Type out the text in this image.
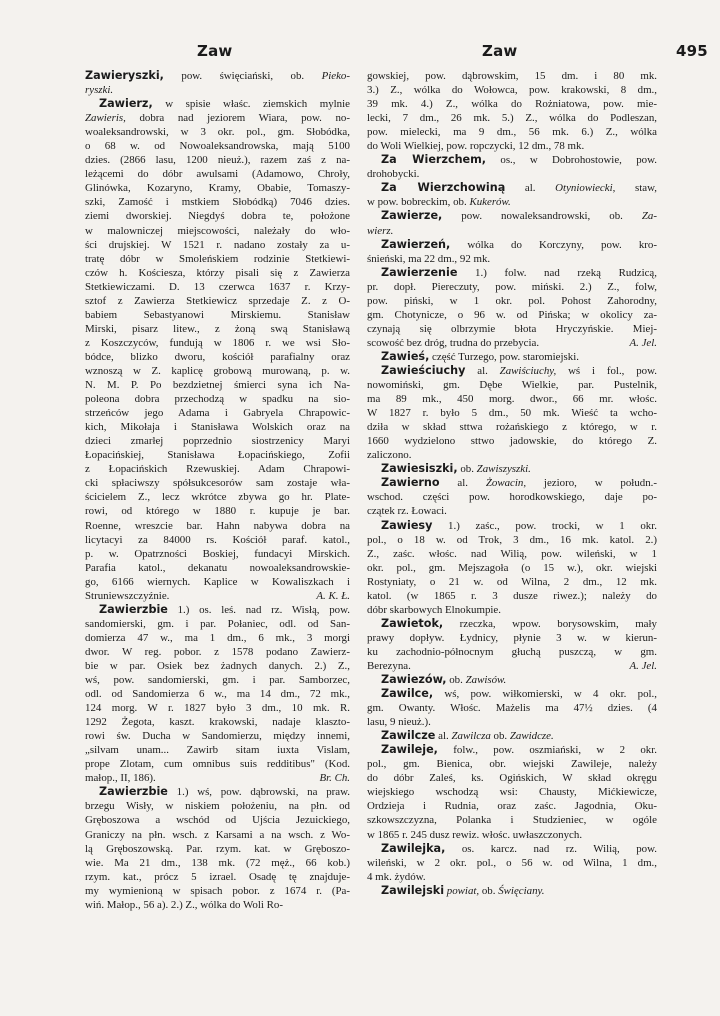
Zaw	Zaw	495
Zawieryszki, pow. święciański, ob. Pieko-
ryszki.
Zawierz, w spisie właśc. ziemskich mylnie
Zawieris, dobra nad jeziorem Wiara, pow. no-
woaleksandrowski, w 3 okr. pol., gm. Słobódka,
o 68 w. od Nowoaleksandrowska, mają 5100
dzies. (2866 lasu, 1200 nieuż.), razem zaś z na-
leżącemi do dóbr awulsami (Adamowo, Chroły,
Glinówka, Kozaryno, Kramy, Obabie, Tomaszy-
szki, Zamość i mstkiem Słobódką) 7046 dzies.
ziemi dworskiej. Niegdyś dobra te, położone
w malowniczej miejscowości, należały do wło-
ści drujskiej. W 1521 r. nadano zostały za u-
tratę dóbr w Smoleńskiem rodzinie Stetkiewi-
czów h. Kościesza, którzy pisali się z Zawierza
Stetkiewiczami. D. 13 czerwca 1637 r. Krzy-
sztof z Zawierza Stetkiewicz sprzedaje Z. z O-
babiem Sebastyanowi Mirskiemu. Stanisław
Mirski, pisarz litew., z żoną swą Stanisławą
z Koszczyców, fundują w 1806 r. we wsi Sło-
bódce, blizko dworu, kościół parafialny oraz
wznoszą w Z. kaplicę grobową murowaną, p. w.
N. M. P. Po bezdzietnej śmierci syna ich Na-
poleona dobra przechodzą w spadku na sio-
strzeńców jego Adama i Gabryela Chrapowic-
kich, Mikołaja i Stanisława Wolskich oraz na
dzieci zmarłej poprzednio siostrzenicy Maryi
Łopacińskiej, Stanisława Łopacińskiego, Zofii
z Łopacińskich Rzewuskiej. Adam Chrapowi-
cki spłaciwszy spółsukcesorów sam zostaje wła-
ścicielem Z., lecz wkrótce zbywa go hr. Plate-
rowi, od którego w 1880 r. kupuje je bar.
Roenne, wreszcie bar. Hahn nabywa dobra na
licytacyi za 84000 rs. Kościół paraf. katol.,
p. w. Opatrzności Boskiej, fundacyi Mirskich.
Parafia katol., dekanatu nowoaleksandrowskie-
go, 6166 wiernych. Kaplice w Kowaliszkach i
Struniewszczyźnie.	A. K. Ł.
Zawierzbie 1.) os. leś. nad rz. Wisłą, pow.
sandomierski, gm. i par. Połaniec, odl. od San-
domierza 47 w., ma 1 dm., 6 mk., 3 morgi
dwor. W reg. pobor. z 1578 podano Zawierz-
bie w par. Osiek bez żadnych danych. 2.) Z.,
wś, pow. sandomierski, gm. i par. Samborzec,
odl. od Sandomierza 6 w., ma 14 dm., 72 mk.,
124 morg. W r. 1827 było 3 dm., 10 mk. R.
1292 Żegota, kaszt. krakowski, nadaje klaszto-
rowi św. Ducha w Sandomierzu, między innemi,
„silvam unam... Zawirb sitam iuxta Vislam,
prope Zlotam, cum omnibus suis redditibus" (Kod.
małop., II, 186).	Br. Ch.
Zawierzbie 1.) wś, pow. dąbrowski, na praw.
brzegu Wisły, w niskiem położeniu, na płn. od
Gręboszowa a wschód od Ujścia Jezuickiego,
Graniczy na płn. wsch. z Karsami a na wsch. z Wo-
lą Gręboszowską. Par. rzym. kat. w Gręboszo-
wie. Ma 21 dm., 138 mk. (72 męż., 66 kob.)
rzym. kat., prócz 5 izrael. Osadę tę znajduje-
my wymienioną w spisach pobor. z 1674 r. (Pa-
wiń. Małop., 56 a). 2.) Z., wólka do Woli Ro-
gowskiej, pow. dąbrowskim, 15 dm. i 80 mk.
3.) Z., wólka do Wołowca, pow. krakowski, 8 dm.,
39 mk. 4.) Z., wólka do Rożniatowa, pow. mie-
lecki, 7 dm., 26 mk. 5.) Z., wólka do Podleszan,
pow. mielecki, ma 9 dm., 56 mk. 6.) Z., wólka
do Woli Wielkiej, pow. ropczycki, 12 dm., 78 mk.
Za Wierzchem, os., w Dobrohostowie, pow.
drohobycki.
Za Wierzchowiną al. Otyniowiecki, staw,
w pow. bobreckim, ob. Kukerów.
Zawierze, pow. nowaleksandrowski, ob. Za-
wierz.
Zawierzeń, wólka do Korczyny, pow. kro-
śnieński, ma 22 dm., 92 mk.
Zawierzenie 1.) folw. nad rzeką Rudzicą,
pr. dopł. Piereczuty, pow. miński. 2.) Z., folw,
pow. piński, w 1 okr. pol. Pohost Zahorodny,
gm. Chotynicze, o 96 w. od Pińska; w okolicy za-
czynają się olbrzymie błota Hryczyńskie. Miej-
scowość bez dróg, trudna do przebycia.	A. Jel.
Zawieś, część Turzego, pow. staromiejski.
Zawieściuchy al. Zawiściuchy, wś i fol., pow.
nowomiński, gm. Dębe Wielkie, par. Pustelnik,
ma 89 mk., 450 morg. dwor., 66 mr. włośc.
W 1827 r. było 5 dm., 50 mk. Wieść ta wcho-
dziła w skład sttwa rożańskiego z którego, w r.
1660 wydzielono sttwo jadowskie, do którego Z.
zaliczono.
Zawiesiszki, ob. Zawiszyszki.
Zawierno al. Żowacin, jezioro, w połudn.-
wschod. części pow. horodkowskiego, daje po-
czątek rz. Łowaci.
Zawiesy 1.) zaśc., pow. trocki, w 1 okr.
pol., o 18 w. od Trok, 3 dm., 16 mk. katol. 2.)
Z., zaśc. włośc. nad Wilią, pow. wileński, w 1
okr. pol., gm. Mejszagoła (o 15 w.), okr. wiejski
Rostyniaty, o 21 w. od Wilna, 2 dm., 12 mk.
katol. (w 1865 r. 3 dusze riwez.); należy do
dóbr skarbowych Elnokumpie.
Zawietok, rzeczka, wpow. borysowskim, mały
prawy dopływ. Łydnicy, płynie 3 w. w kierun-
ku zachodnio-północnym głuchą puszczą, w gm.
Berezyna.	A. Jel.
Zawiezów, ob. Zawisów.
Zawilce, wś, pow. wiłkomierski, w 4 okr. pol.,
gm. Owanty. Włośc. Mażelis ma 47½ dzies. (4
lasu, 9 nieuż.).
Zawilcze al. Zawilcza ob. Zawidcze.
Zawileje, folw., pow. oszmiański, w 2 okr.
pol., gm. Bienica, obr. wiejski Zawileje, należy
do dóbr Zaleś, ks. Ogińskich, W skład okręgu
wiejskiego wschodzą wsi: Chausty, Mićkiewicze,
Ordzieja i Rudnia, oraz zaśc. Jagodnia, Oku-
szkowszczyzna, Polanka i Studzieniec, w ogóle
w 1865 r. 245 dusz rewiz. włośc. uwłaszczonych.
Zawilejka, os. karcz. nad rz. Wilią, pow.
wileński, w 2 okr. pol., o 56 w. od Wilna, 1 dm.,
4 mk. żydów.
Zawilejski powiat, ob. Święciany.
